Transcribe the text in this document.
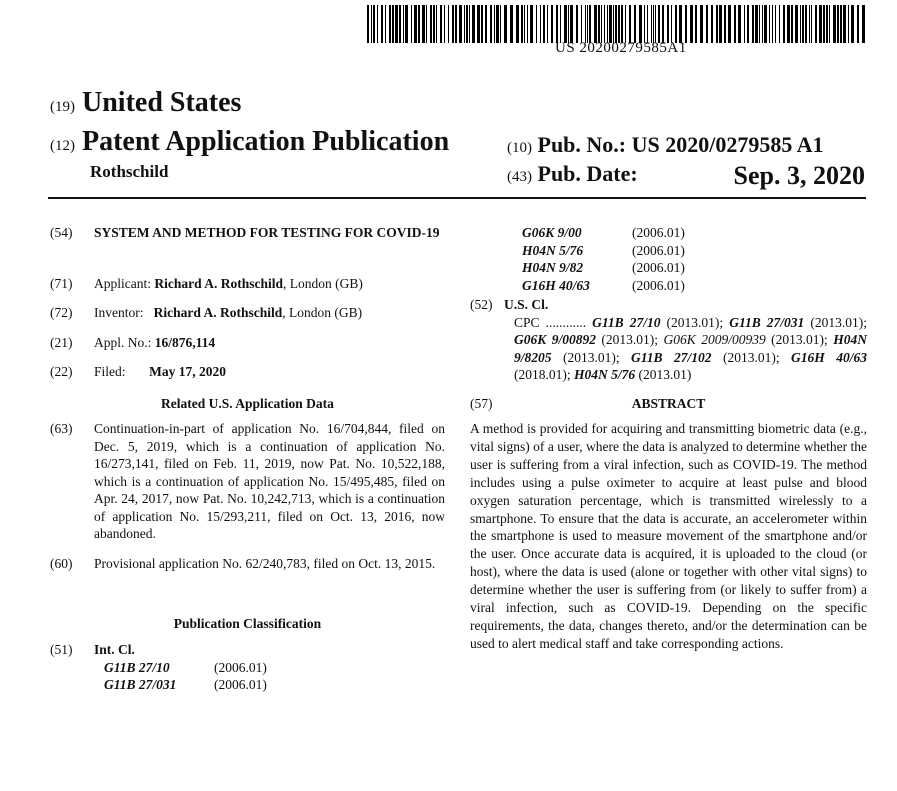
US 20200279585A1
(19) United States
(12) Patent Application Publication
Rothschild
(10) Pub. No.: US 2020/0279585 A1
(43) Pub. Date:	Sep. 3, 2020
(54)	SYSTEM AND METHOD FOR TESTING FOR COVID-19
(71)	Applicant: Richard A. Rothschild, London (GB)
(72)	Inventor: Richard A. Rothschild, London (GB)
(21)	Appl. No.: 16/876,114
(22)	Filed: May 17, 2020
Related U.S. Application Data
(63)	Continuation-in-part of application No. 16/704,844, filed on Dec. 5, 2019, which is a continuation of application No. 16/273,141, filed on Feb. 11, 2019, now Pat. No. 10,522,188, which is a continuation of application No. 15/495,485, filed on Apr. 24, 2017, now Pat. No. 10,242,713, which is a continuation of application No. 15/293,211, filed on Oct. 13, 2016, now abandoned.
(60)	Provisional application No. 62/240,783, filed on Oct. 13, 2015.
Publication Classification
(51)	Int. Cl.
G11B 27/10	(2006.01)
G11B 27/031	(2006.01)
G06K 9/00	(2006.01)
H04N 5/76	(2006.01)
H04N 9/82	(2006.01)
G16H 40/63	(2006.01)
(52) U.S. Cl.
CPC ............ G11B 27/10 (2013.01); G11B 27/031 (2013.01); G06K 9/00892 (2013.01); G06K 2009/00939 (2013.01); H04N 9/8205 (2013.01); G11B 27/102 (2013.01); G16H 40/63 (2018.01); H04N 5/76 (2013.01)
(57)	ABSTRACT
A method is provided for acquiring and transmitting biometric data (e.g., vital signs) of a user, where the data is analyzed to determine whether the user is suffering from a viral infection, such as COVID-19. The method includes using a pulse oximeter to acquire at least pulse and blood oxygen saturation percentage, which is transmitted wirelessly to a smartphone. To ensure that the data is accurate, an accelerometer within the smartphone is used to measure movement of the smartphone and/or the user. Once accurate data is acquired, it is uploaded to the cloud (or host), where the data is used (alone or together with other vital signs) to determine whether the user is suffering from (or likely to suffer from) a viral infection, such as COVID-19. Depending on the specific requirements, the data, changes thereto, and/or the determination can be used to alert medical staff and take corresponding actions.
